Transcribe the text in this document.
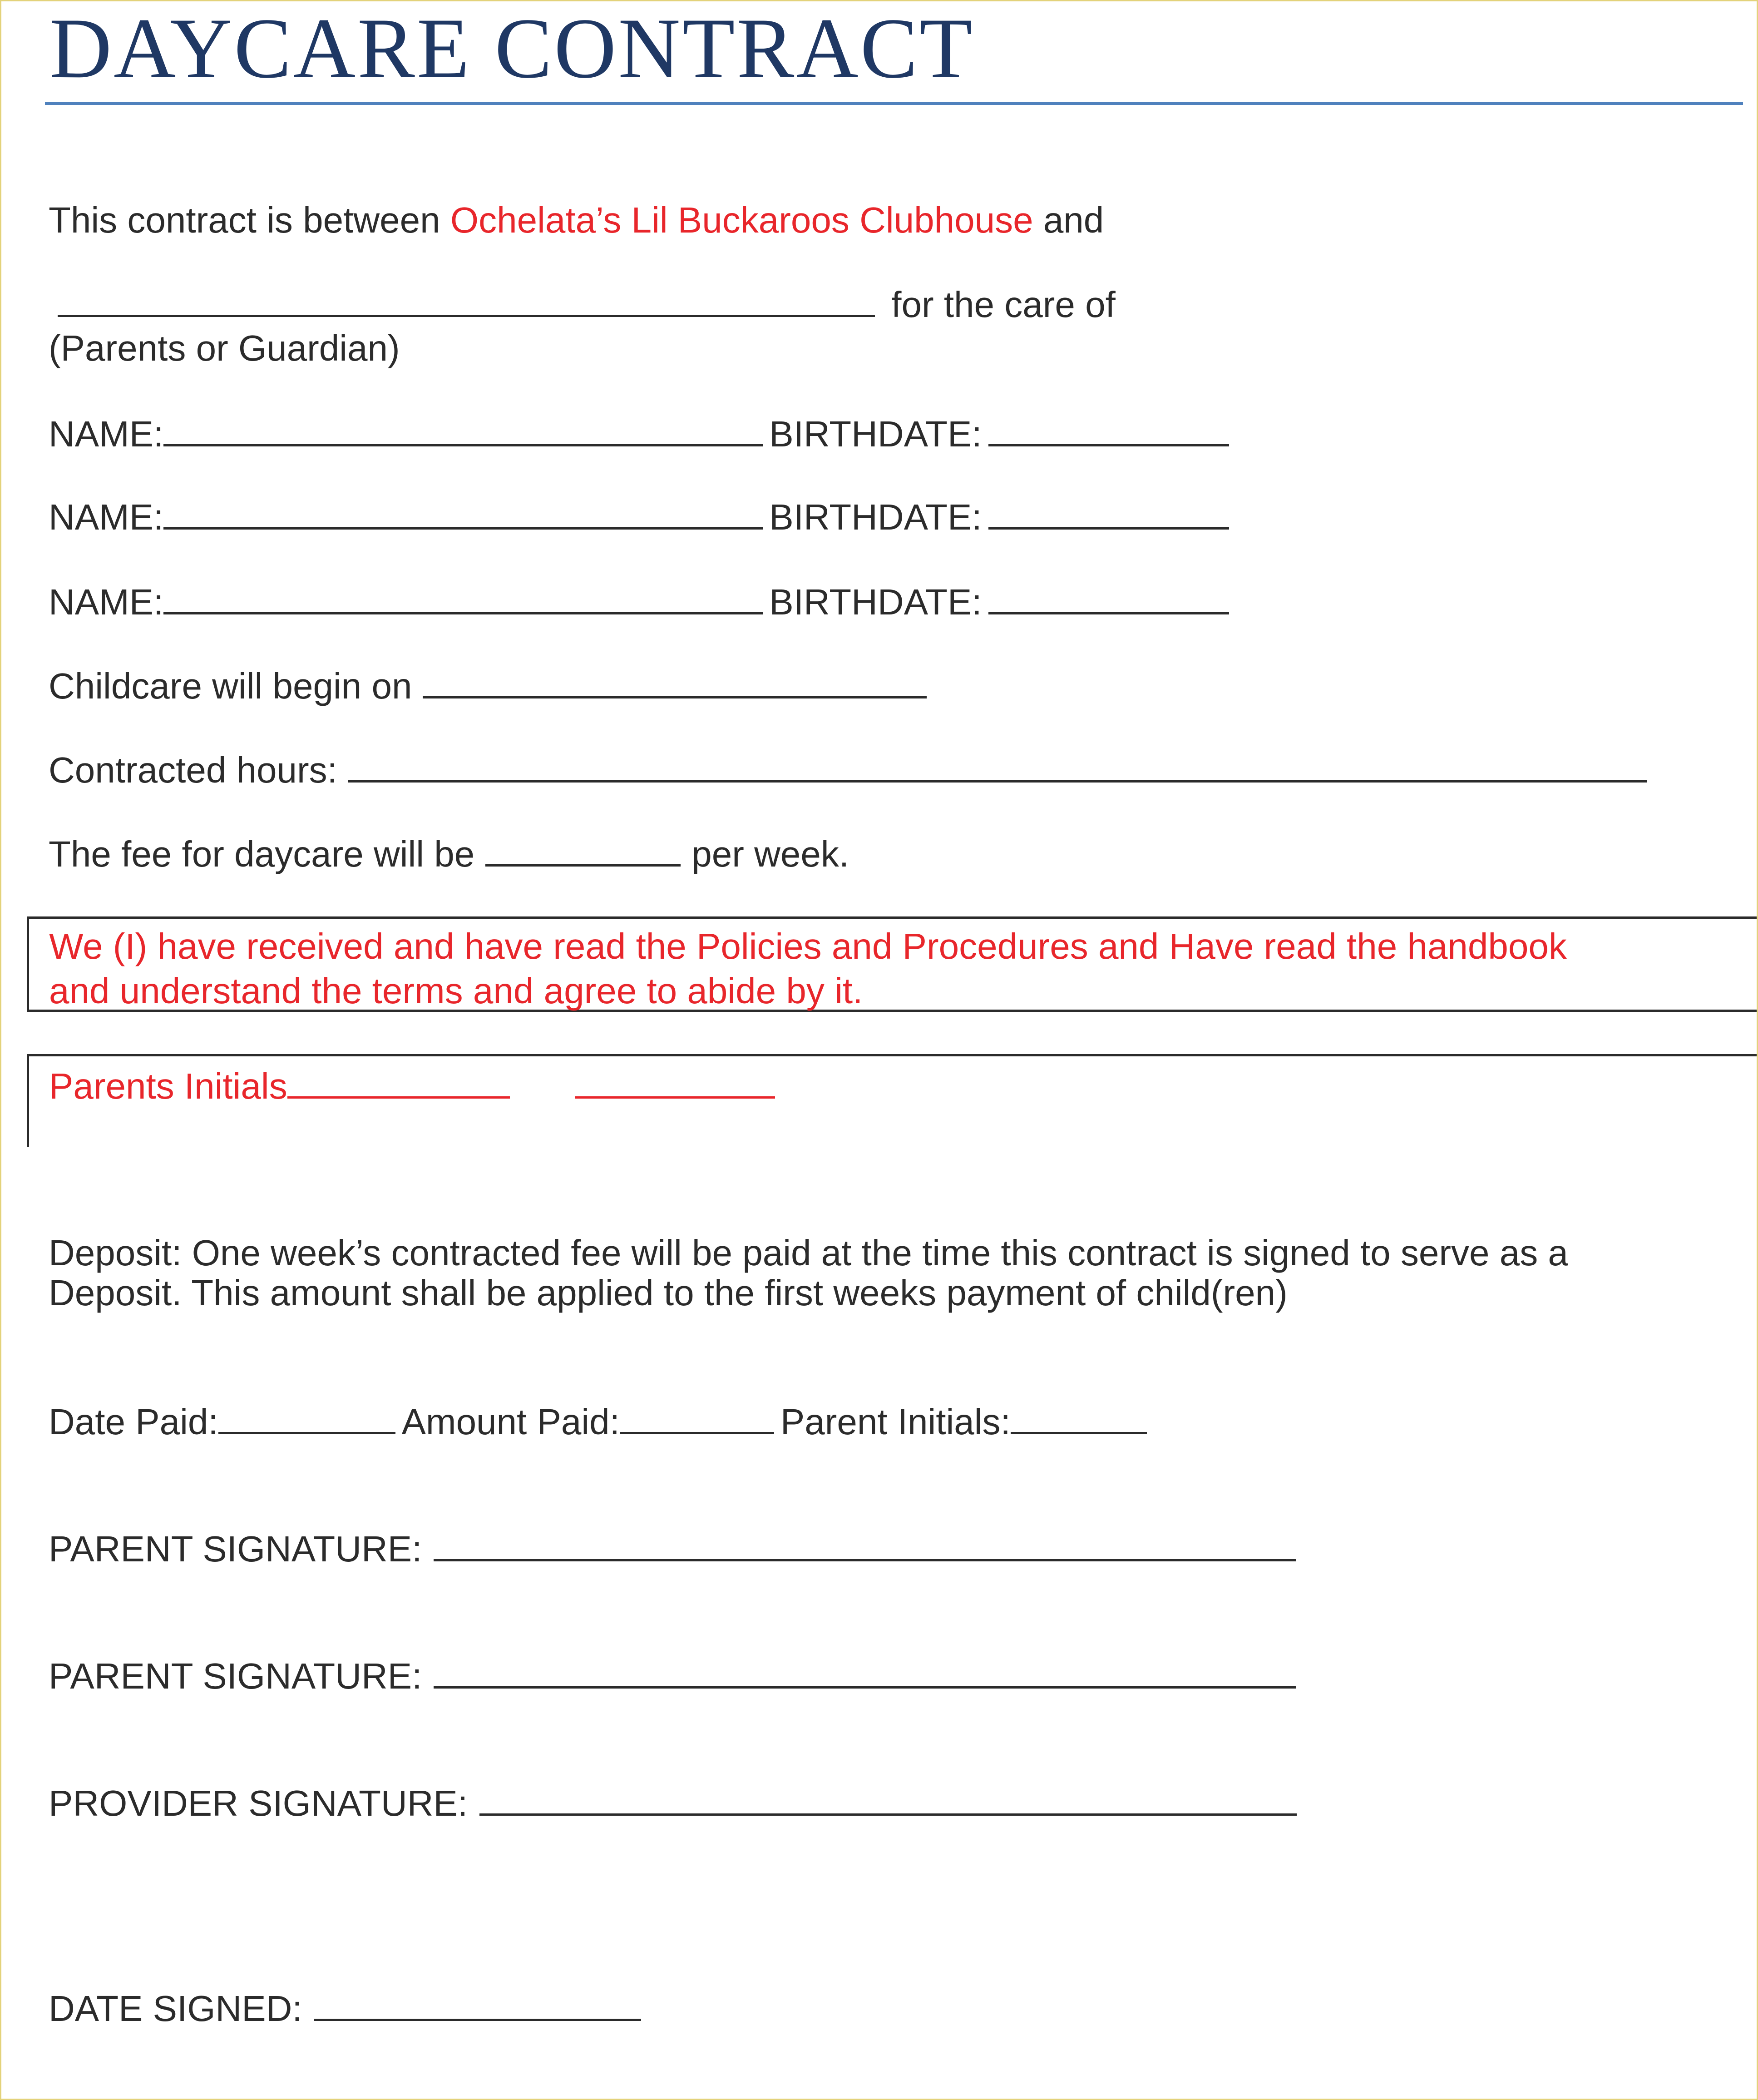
DAYCARE CONTRACT
This contract is between Ochelata’s Lil Buckaroos Clubhouse and
for the care of
(Parents or Guardian)
NAME:	BIRTHDATE:
NAME:	BIRTHDATE:
NAME:	BIRTHDATE:
Childcare will begin on
Contracted hours:
The fee for daycare will be	per week.
We (I) have received and have read the Policies and Procedures and Have read the handbook
and understand the terms and agree to abide by it.
Parents Initials
Deposit: One week’s contracted fee will be paid at the time this contract is signed to serve as a
Deposit. This amount shall be applied to the first weeks payment of child(ren)
Date Paid:	Amount Paid:	Parent Initials:
PARENT SIGNATURE:
PARENT SIGNATURE:
PROVIDER SIGNATURE:
DATE SIGNED:
